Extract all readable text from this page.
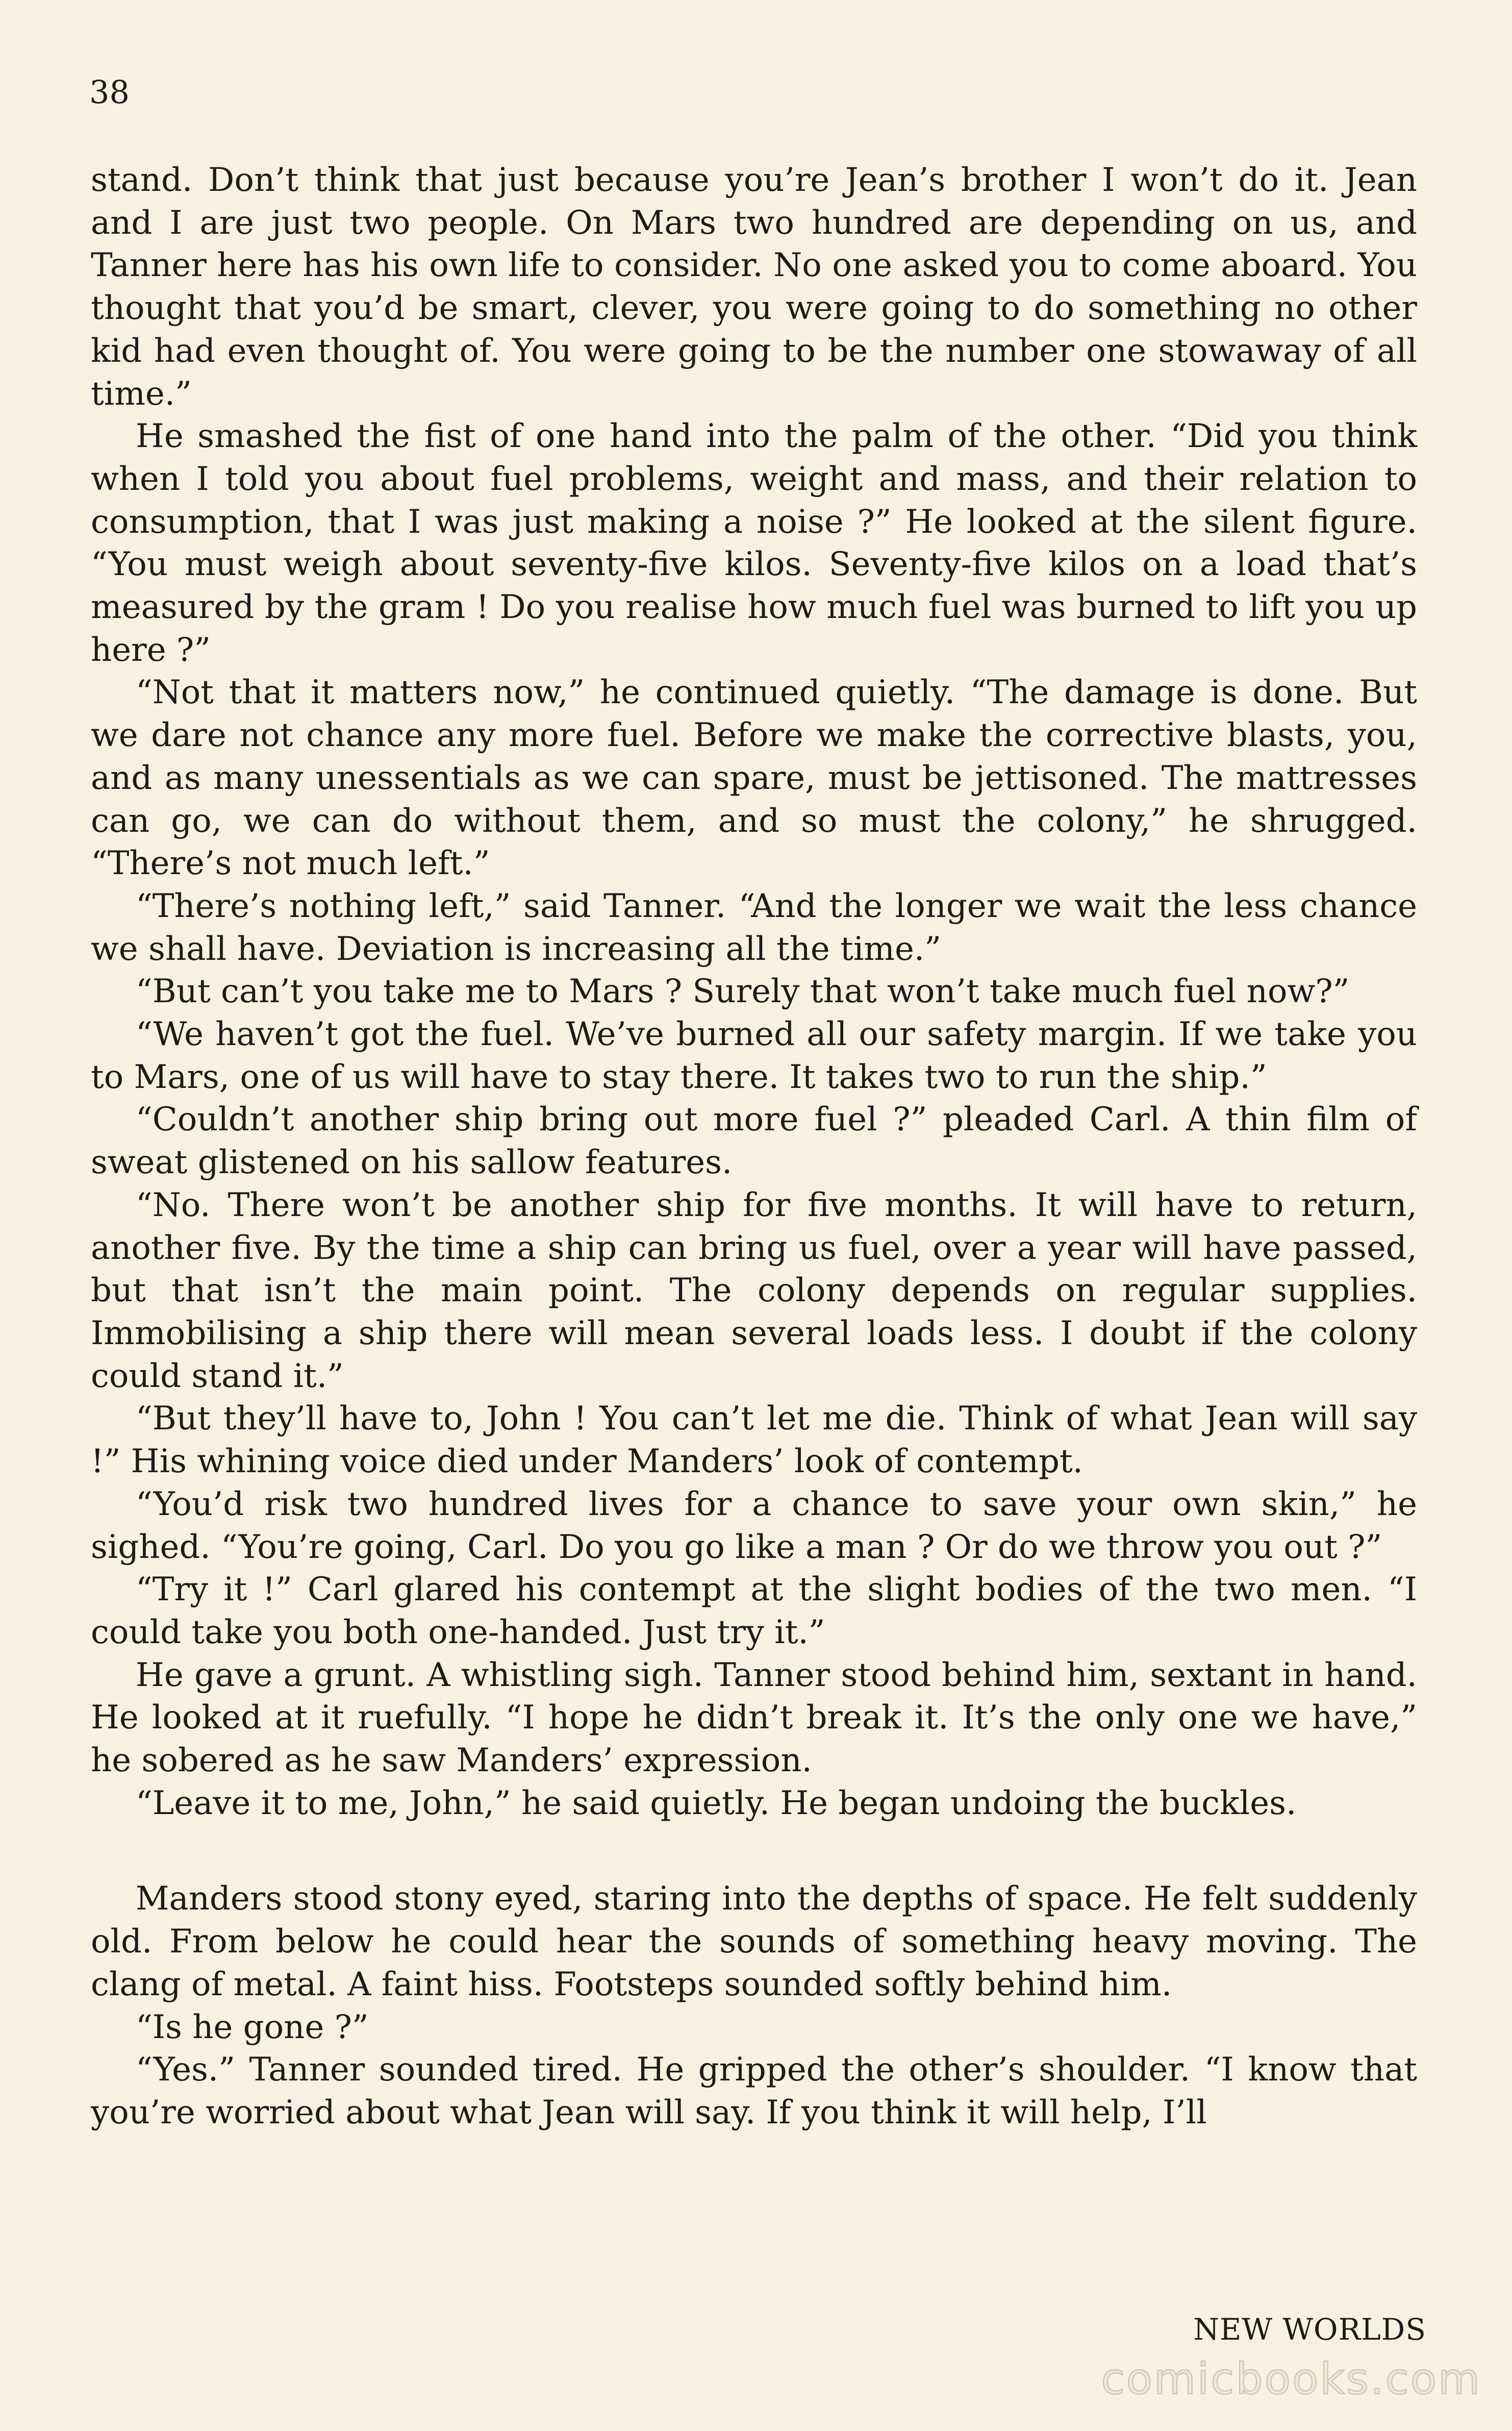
38

stand. Don’t think that just because you’re Jean’s brother I won’t do it. Jean and I are just two people. On Mars two hundred are depending on us, and Tanner here has his own life to consider. No one asked you to come aboard. You thought that you’d be smart, clever, you were going to do something no other kid had even thought of. You were going to be the number one stowaway of all time.”

He smashed the fist of one hand into the palm of the other. “Did you think when I told you about fuel problems, weight and mass, and their relation to consumption, that I was just making a noise ?” He looked at the silent figure. “You must weigh about seventy-five kilos. Seventy-five kilos on a load that’s measured by the gram ! Do you realise how much fuel was burned to lift you up here ?”

“Not that it matters now,” he continued quietly. “The damage is done. But we dare not chance any more fuel. Before we make the corrective blasts, you, and as many unessentials as we can spare, must be jettisoned. The mattresses can go, we can do without them, and so must the colony,” he shrugged. “There’s not much left.”

“There’s nothing left,” said Tanner. “And the longer we wait the less chance we shall have. Deviation is increasing all the time.”

“But can’t you take me to Mars ? Surely that won’t take much fuel now?”

“We haven’t got the fuel. We’ve burned all our safety margin. If we take you to Mars, one of us will have to stay there. It takes two to run the ship.”

“Couldn’t another ship bring out more fuel ?” pleaded Carl. A thin film of sweat glistened on his sallow features.

“No. There won’t be another ship for five months. It will have to return, another five. By the time a ship can bring us fuel, over a year will have passed, but that isn’t the main point. The colony depends on regular supplies. Immobilising a ship there will mean several loads less. I doubt if the colony could stand it.”

“But they’ll have to, John ! You can’t let me die. Think of what Jean will say !” His whining voice died under Manders’ look of contempt.

“You’d risk two hundred lives for a chance to save your own skin,” he sighed. “You’re going, Carl. Do you go like a man ? Or do we throw you out ?”

“Try it !” Carl glared his contempt at the slight bodies of the two men. “I could take you both one-handed. Just try it.”

He gave a grunt. A whistling sigh. Tanner stood behind him, sextant in hand. He looked at it ruefully. “I hope he didn’t break it. It’s the only one we have,” he sobered as he saw Manders’ expression.

“Leave it to me, John,” he said quietly. He began undoing the buckles.

Manders stood stony eyed, staring into the depths of space. He felt suddenly old. From below he could hear the sounds of something heavy moving. The clang of metal. A faint hiss. Footsteps sounded softly behind him.

“Is he gone ?”

“Yes.” Tanner sounded tired. He gripped the other’s shoulder. “I know that you’re worried about what Jean will say. If you think it will help, I’ll

NEW WORLDS
comicbooks.com
